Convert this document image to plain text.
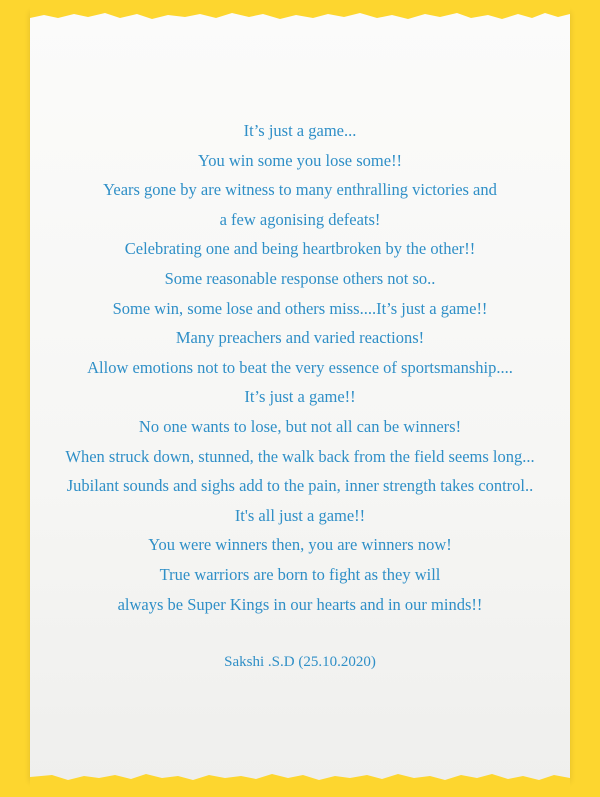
It’s just a game...
You win some you lose some!!
Years gone by are witness to many enthralling victories and
a few agonising defeats!
Celebrating one and being heartbroken by the other!!
Some reasonable response others not so..
Some win, some lose and others miss....It’s just a game!!
Many preachers and varied reactions!
Allow emotions not to beat the very essence of sportsmanship....
It’s just a game!!
No one wants to lose, but not all can be winners!
When struck down, stunned, the walk back from the field seems long...
Jubilant sounds and sighs add to the pain, inner strength takes control..
It's all just a game!!
You were winners then, you are winners now!
True warriors are born to fight as they will
always be Super Kings in our hearts and in our minds!!
Sakshi .S.D (25.10.2020)
